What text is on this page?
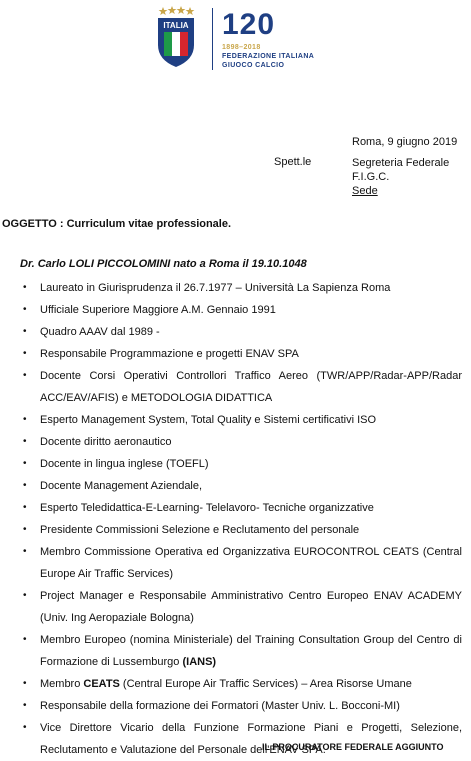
ITALIA 120
1898–2018
FEDERAZIONE ITALIANA
GIUOCO CALCIO
Roma, 9 giugno 2019
Spett.le	Segreteria Federale
F.I.G.C.
Sede
OGGETTO : Curriculum vitae professionale.
Dr. Carlo LOLI PICCOLOMINI nato a Roma il 19.10.1048
• Laureato in Giurisprudenza il 26.7.1977 – Università La Sapienza Roma
• Ufficiale Superiore Maggiore A.M. Gennaio 1991
• Quadro AAAV dal 1989 -
• Responsabile Programmazione e progetti ENAV SPA
• Docente Corsi Operativi Controllori Traffico Aereo (TWR/APP/Radar-APP/Radar ACC/EAV/AFIS) e METODOLOGIA DIDATTICA
• Esperto Management System, Total Quality e Sistemi certificativi ISO
• Docente diritto aeronautico
• Docente in lingua inglese (TOEFL)
• Docente Management Aziendale,
• Esperto Teledidattica-E-Learning- Telelavoro- Tecniche organizzative
• Presidente Commissioni Selezione e Reclutamento del personale
• Membro Commissione Operativa ed Organizzativa EUROCONTROL CEATS (Central Europe Air Traffic Services)
• Project Manager e Responsabile Amministrativo Centro Europeo ENAV ACADEMY (Univ. Ing Aeropaziale Bologna)
• Membro Europeo (nomina Ministeriale) del Training Consultation Group del Centro di Formazione di Lussemburgo (IANS)
• Membro CEATS (Central Europe Air Traffic Services) – Area Risorse Umane
• Responsabile della formazione dei Formatori (Master Univ. L. Bocconi-MI)
• Vice Direttore Vicario della Funzione Formazione Piani e Progetti, Selezione, Reclutamento e Valutazione del Personale dell'ENAV SPA.
IL PROCURATORE FEDERALE AGGIUNTO
